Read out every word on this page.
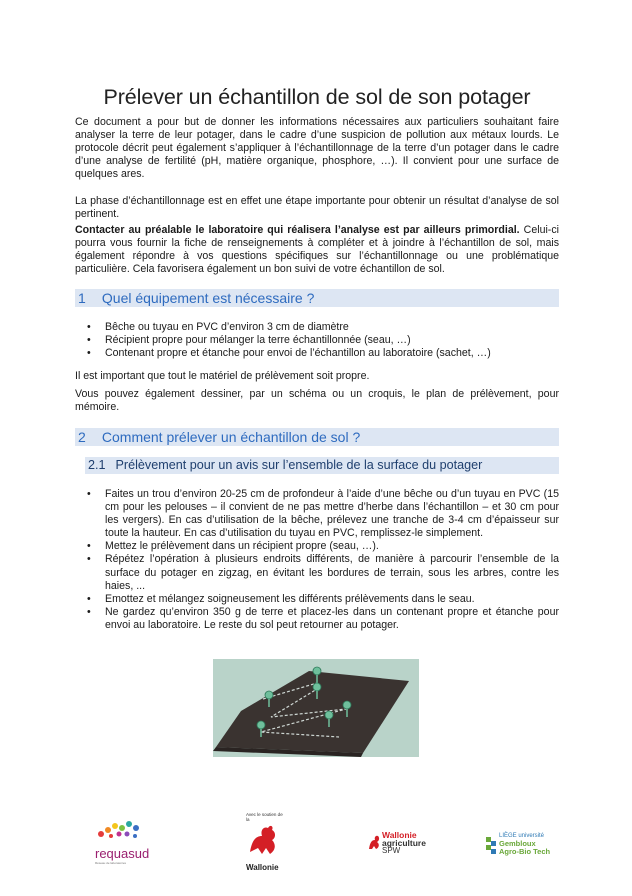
Prélever un échantillon de sol de son potager

Ce document a pour but de donner les informations nécessaires aux particuliers souhaitant faire analyser la terre de leur potager, dans le cadre d’une suspicion de pollution aux métaux lourds. Le protocole décrit peut également s’appliquer à l’échantillonnage de la terre d’un potager dans le cadre d’une analyse de fertilité (pH, matière organique, phosphore, …). Il convient pour une surface de quelques ares.

La phase d’échantillonnage est en effet une étape importante pour obtenir un résultat d’analyse de sol pertinent.

Contacter au préalable le laboratoire qui réalisera l’analyse est par ailleurs primordial. Celui-ci pourra vous fournir la fiche de renseignements à compléter et à joindre à l’échantillon de sol, mais également répondre à vos questions spécifiques sur l’échantillonnage ou une problématique particulière. Cela favorisera également un bon suivi de votre échantillon de sol.

1 Quel équipement est nécessaire ?
• Bêche ou tuyau en PVC d’environ 3 cm de diamètre
• Récipient propre pour mélanger la terre échantillonnée (seau, …)
• Contenant propre et étanche pour envoi de l’échantillon au laboratoire (sachet, …)

Il est important que tout le matériel de prélèvement soit propre.

Vous pouvez également dessiner, par un schéma ou un croquis, le plan de prélèvement, pour mémoire.

2 Comment prélever un échantillon de sol ?
2.1 Prélèvement pour un avis sur l’ensemble de la surface du potager
• Faites un trou d’environ 20-25 cm de profondeur à l’aide d’une bêche ou d’un tuyau en PVC (15 cm pour les pelouses – il convient de ne pas mettre d’herbe dans l’échantillon – et 30 cm pour les vergers). En cas d’utilisation de la bêche, prélevez une tranche de 3-4 cm d’épaisseur sur toute la hauteur. En cas d’utilisation du tuyau en PVC, remplissez-le simplement.
• Mettez le prélèvement dans un récipient propre (seau, …).
• Répétez l’opération à plusieurs endroits différents, de manière à parcourir l’ensemble de la surface du potager en zigzag, en évitant les bordures de terrain, sous les arbres, contre les haies, ...
• Emottez et mélangez soigneusement les différents prélèvements dans le seau.
• Ne gardez qu’environ 350 g de terre et placez-les dans un contenant propre et étanche pour envoi au laboratoire. Le reste du sol peut retourner au potager.
requasud
Réseau de laboratoires
Avec le soutien de la
Wallonie
Wallonie
agriculture
SPW
LIÈGE université
Gembloux
Agro-Bio Tech
